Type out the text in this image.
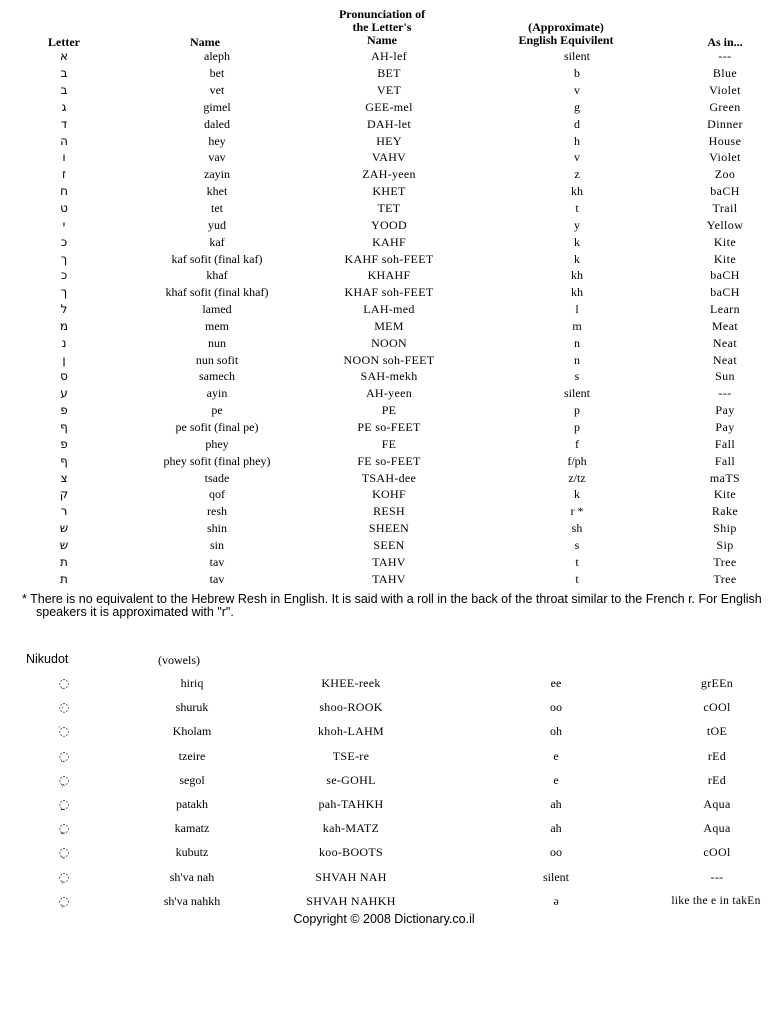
Letter	Name
Pronunciation of
the Letter's
Name
(Approximate)
English Equivilent	As in...
א	aleph	AH-lef	silent	---
ב	bet	BET	b	Blue
ב	vet	VET	v	Violet
ג	gimel	GEE-mel	g	Green
ד	daled	DAH-let	d	Dinner
ה	hey	HEY	h	House
ו	vav	VAHV	v	Violet
ז	zayin	ZAH-yeen	z	Zoo
ח	khet	KHET	kh	baCH
ט	tet	TET	t	Trail
י	yud	YOOD	y	Yellow
כ	kaf	KAHF	k	Kite
ך	kaf sofit (final kaf)	KAHF soh-FEET	k	Kite
כ	khaf	KHAHF	kh	baCH
ך	khaf sofit (final khaf)	KHAF soh-FEET	kh	baCH
ל	lamed	LAH-med	l	Learn
מ	mem	MEM	m	Meat
נ	nun	NOON	n	Neat
ן	nun sofit	NOON soh-FEET	n	Neat
ס	samech	SAH-mekh	s	Sun
ע	ayin	AH-yeen	silent	---
פ	pe	PE	p	Pay
ף	pe sofit (final pe)	PE so-FEET	p	Pay
פ	phey	FE	f	Fall
ף	phey sofit (final phey)	FE so-FEET	f/ph	Fall
צ	tsade	TSAH-dee	z/tz	maTS
ק	qof	KOHF	k	Kite
ר	resh	RESH	r *	Rake
ש	shin	SHEEN	sh	Ship
ש	sin	SEEN	s	Sip
ת	tav	TAHV	t	Tree
ת	tav	TAHV	t	Tree
* There is no equivalent to the Hebrew Resh in English. It is said with a roll in the back of the throat similar to the French r. For English speakers it is approximated with "r".
Nikudot	(vowels)
◌ִ	hiriq	KHEE-reek	ee	grEEn
◌ּ	shuruk	shoo-ROOK	oo	cOOl
◌ֹ	Kholam	khoh-LAHM	oh	tOE
◌ֵ	tzeire	TSE-re	e	rEd
◌ֶ	segol	se-GOHL	e	rEd
◌ַ	patakh	pah-TAHKH	ah	Aqua
◌ָ	kamatz	kah-MATZ	ah	Aqua
◌ֻ	kubutz	koo-BOOTS	oo	cOOl
◌ְ	sh'va nah	SHVAH NAH	silent	---
◌ְ	sh'va nahkh	SHVAH NAHKH	ə	like the e in takEn
Copyright © 2008 Dictionary.co.il
